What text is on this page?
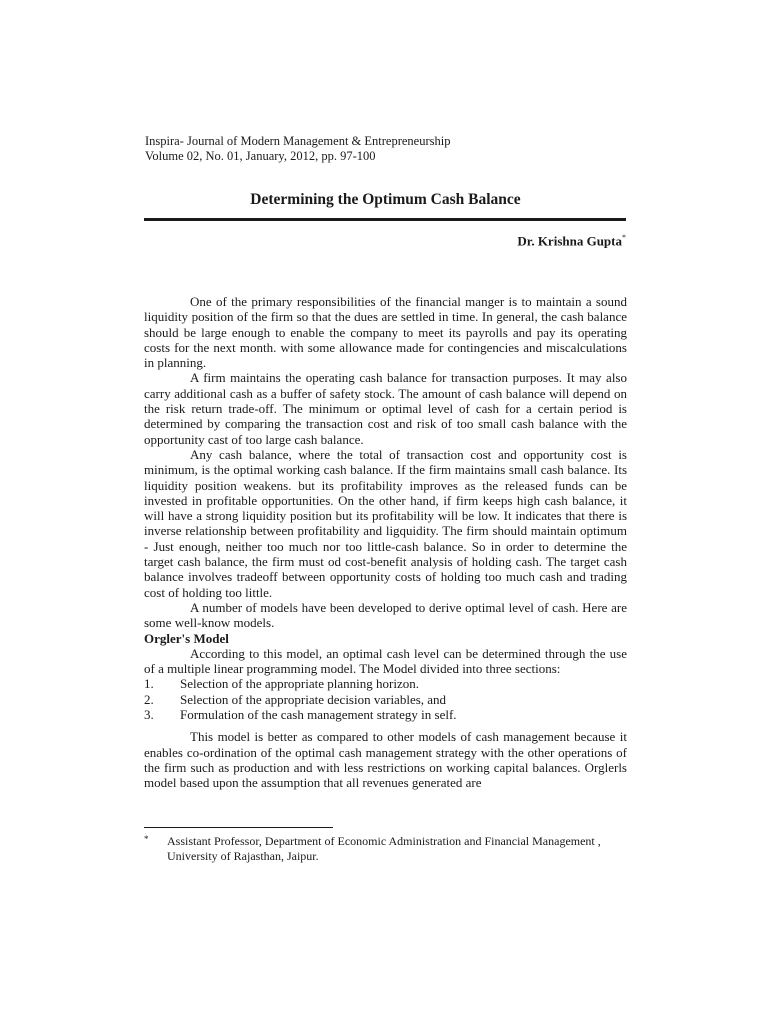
Inspira- Journal of Modern Management & Entrepreneurship
Volume 02, No. 01, January, 2012, pp. 97-100
Determining the Optimum Cash Balance
Dr. Krishna Gupta*

One of the primary responsibilities of the financial manger is to maintain a sound liquidity position of the firm so that the dues are settled in time. In general, the cash balance should be large enough to enable the company to meet its payrolls and pay its operating costs for the next month. with some allowance made for contingencies and miscalculations in planning.

A firm maintains the operating cash balance for transaction purposes. It may also carry additional cash as a buffer of safety stock. The amount of cash balance will depend on the risk return trade-off. The minimum or optimal level of cash for a certain period is determined by comparing the transaction cost and risk of too small cash balance with the opportunity cast of too large cash balance.

Any cash balance, where the total of transaction cost and opportunity cost is minimum, is the optimal working cash balance. If the firm maintains small cash balance. Its liquidity position weakens. but its profitability improves as the released funds can be invested in profitable opportunities. On the other hand, if firm keeps high cash balance, it will have a strong liquidity position but its profitability will be low. It indicates that there is inverse relationship between profitability and ligquidity. The firm should maintain optimum - Just enough, neither too much nor too little-cash balance. So in order to determine the target cash balance, the firm must od cost-benefit analysis of holding cash. The target cash balance involves tradeoff between opportunity costs of holding too much cash and trading cost of holding too little.

A number of models have been developed to derive optimal level of cash. Here are some well-know models.

Orgler's Model

According to this model, an optimal cash level can be determined through the use of a multiple linear programming model. The Model divided into three sections:

1.	Selection of the appropriate planning horizon.
2.	Selection of the appropriate decision variables, and
3.	Formulation of the cash management strategy in self.

This model is better as compared to other models of cash management because it enables co-ordination of the optimal cash management strategy with the other operations of the firm such as production and with less restrictions on working capital balances. Orglerls model based upon the assumption that all revenues generated are

*	Assistant Professor, Department of Economic Administration and Financial Management ,
University of Rajasthan, Jaipur.
